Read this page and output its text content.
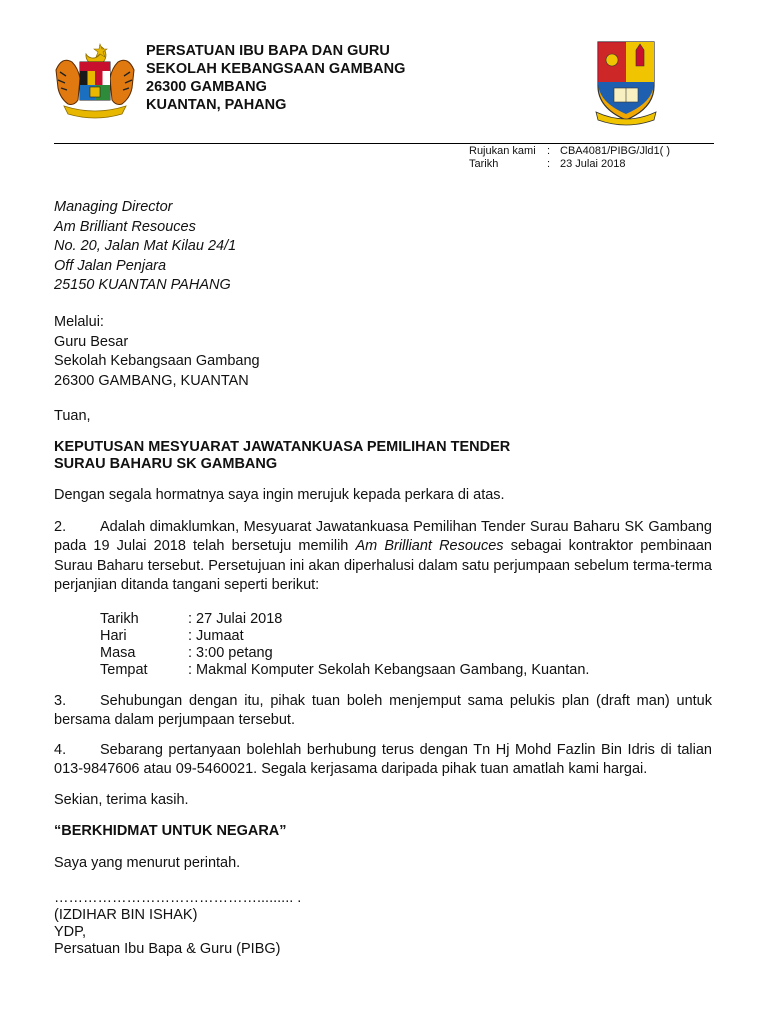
PERSATUAN IBU BAPA DAN GURU
SEKOLAH KEBANGSAAN GAMBANG
26300 GAMBANG
KUANTAN, PAHANG
Rujukan kami	: CBA4081/PIBG/Jld1( )
Tarikh	: 23 Julai 2018
Managing Director
Am Brilliant Resouces
No. 20, Jalan Mat Kilau 24/1
Off Jalan Penjara
25150 KUANTAN PAHANG
Melalui:
Guru Besar
Sekolah Kebangsaan Gambang
26300 GAMBANG, KUANTAN
Tuan,
KEPUTUSAN MESYUARAT JAWATANKUASA PEMILIHAN TENDER
SURAU BAHARU SK GAMBANG
Dengan segala hormatnya saya ingin merujuk kepada perkara di atas.
2. Adalah dimaklumkan, Mesyuarat Jawatankuasa Pemilihan Tender Surau Baharu SK Gambang pada 19 Julai 2018 telah bersetuju memilih Am Brilliant Resouces sebagai kontraktor pembinaan Surau Baharu tersebut. Persetujuan ini akan diperhalusi dalam satu perjumpaan sebelum terma-terma perjanjian ditanda tangani seperti berikut:
Tarikh	: 27 Julai 2018
Hari	: Jumaat
Masa	: 3:00 petang
Tempat	: Makmal Komputer Sekolah Kebangsaan Gambang, Kuantan.
3. Sehubungan dengan itu, pihak tuan boleh menjemput sama pelukis plan (draft man) untuk bersama dalam perjumpaan tersebut.
4. Sebarang pertanyaan bolehlah berhubung terus dengan Tn Hj Mohd Fazlin Bin Idris di talian 013-9847606 atau 09-5460021. Segala kerjasama daripada pihak tuan amatlah kami hargai.
Sekian, terima kasih.
“BERKHIDMAT UNTUK NEGARA”
Saya yang menurut perintah.
……………………………………......... .
(IZDIHAR BIN ISHAK)
YDP,
Persatuan Ibu Bapa & Guru (PIBG)
